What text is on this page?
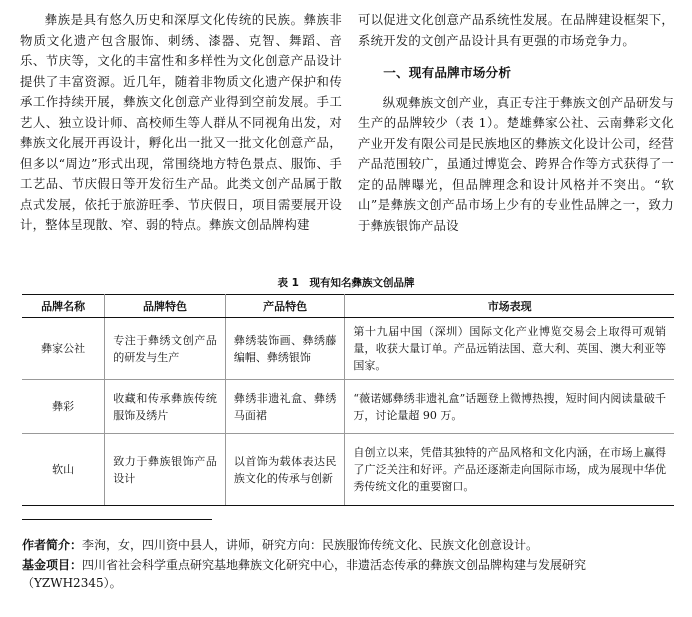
彝族是具有悠久历史和深厚文化传统的民族。彝族非物质文化遗产包含服饰、刺绣、漆器、克智、舞蹈、音乐、节庆等，文化的丰富性和多样性为文化创意产品设计提供了丰富资源。近几年，随着非物质文化遗产保护和传承工作持续开展，彝族文化创意产业得到空前发展。手工艺人、独立设计师、高校师生等人群从不同视角出发，对彝族文化展开再设计，孵化出一批又一批文化创意产品，但多以“周边”形式出现，常围绕地方特色景点、服饰、手工艺品、节庆假日等开发衍生产品。此类文创产品属于散点式发展，依托于旅游旺季、节庆假日，项目需要展开设计，整体呈现散、窄、弱的特点。彝族文创品牌构建

可以促进文化创意产品系统性发展。在品牌建设框架下，系统开发的文创产品设计具有更强的市场竞争力。

一、现有品牌市场分析

纵观彝族文创产业，真正专注于彝族文创产品研发与生产的品牌较少（表 1）。楚雄彝家公社、云南彝彩文化产业开发有限公司是民族地区的彝族文化设计公司，经营产品范围较广，虽通过博览会、跨界合作等方式获得了一定的品牌曝光，但品牌理念和设计风格并不突出。“软山”是彝族文创产品市场上少有的专业性品牌之一，致力于彝族银饰产品设

表 1　现有知名彝族文创品牌
品牌名称	品牌特色	产品特色	市场表现
彝家公社	专注于彝绣文创产品的研发与生产	彝绣装饰画、彝绣藤编帽、彝绣银饰	第十九届中国（深圳）国际文化产业博览交易会上取得可观销量，收获大量订单。产品远销法国、意大利、英国、澳大利亚等国家。
彝彩	收藏和传承彝族传统服饰及绣片	彝绣非遗礼盒、彝绣马面裙	“薇诺娜彝绣非遗礼盒”话题登上微博热搜，短时间内阅读量破千万，讨论量超 90 万。
软山	致力于彝族银饰产品设计	以首饰为载体表达民族文化的传承与创新	自创立以来，凭借其独特的产品风格和文化内涵，在市场上赢得了广泛关注和好评。产品还逐渐走向国际市场，成为展现中华优秀传统文化的重要窗口。
作者简介：李洵，女，四川资中县人，讲师，研究方向：民族服饰传统文化、民族文化创意设计。
基金项目：四川省社会科学重点研究基地彝族文化研究中心，非遗活态传承的彝族文创品牌构建与发展研究（YZWH2345）。
